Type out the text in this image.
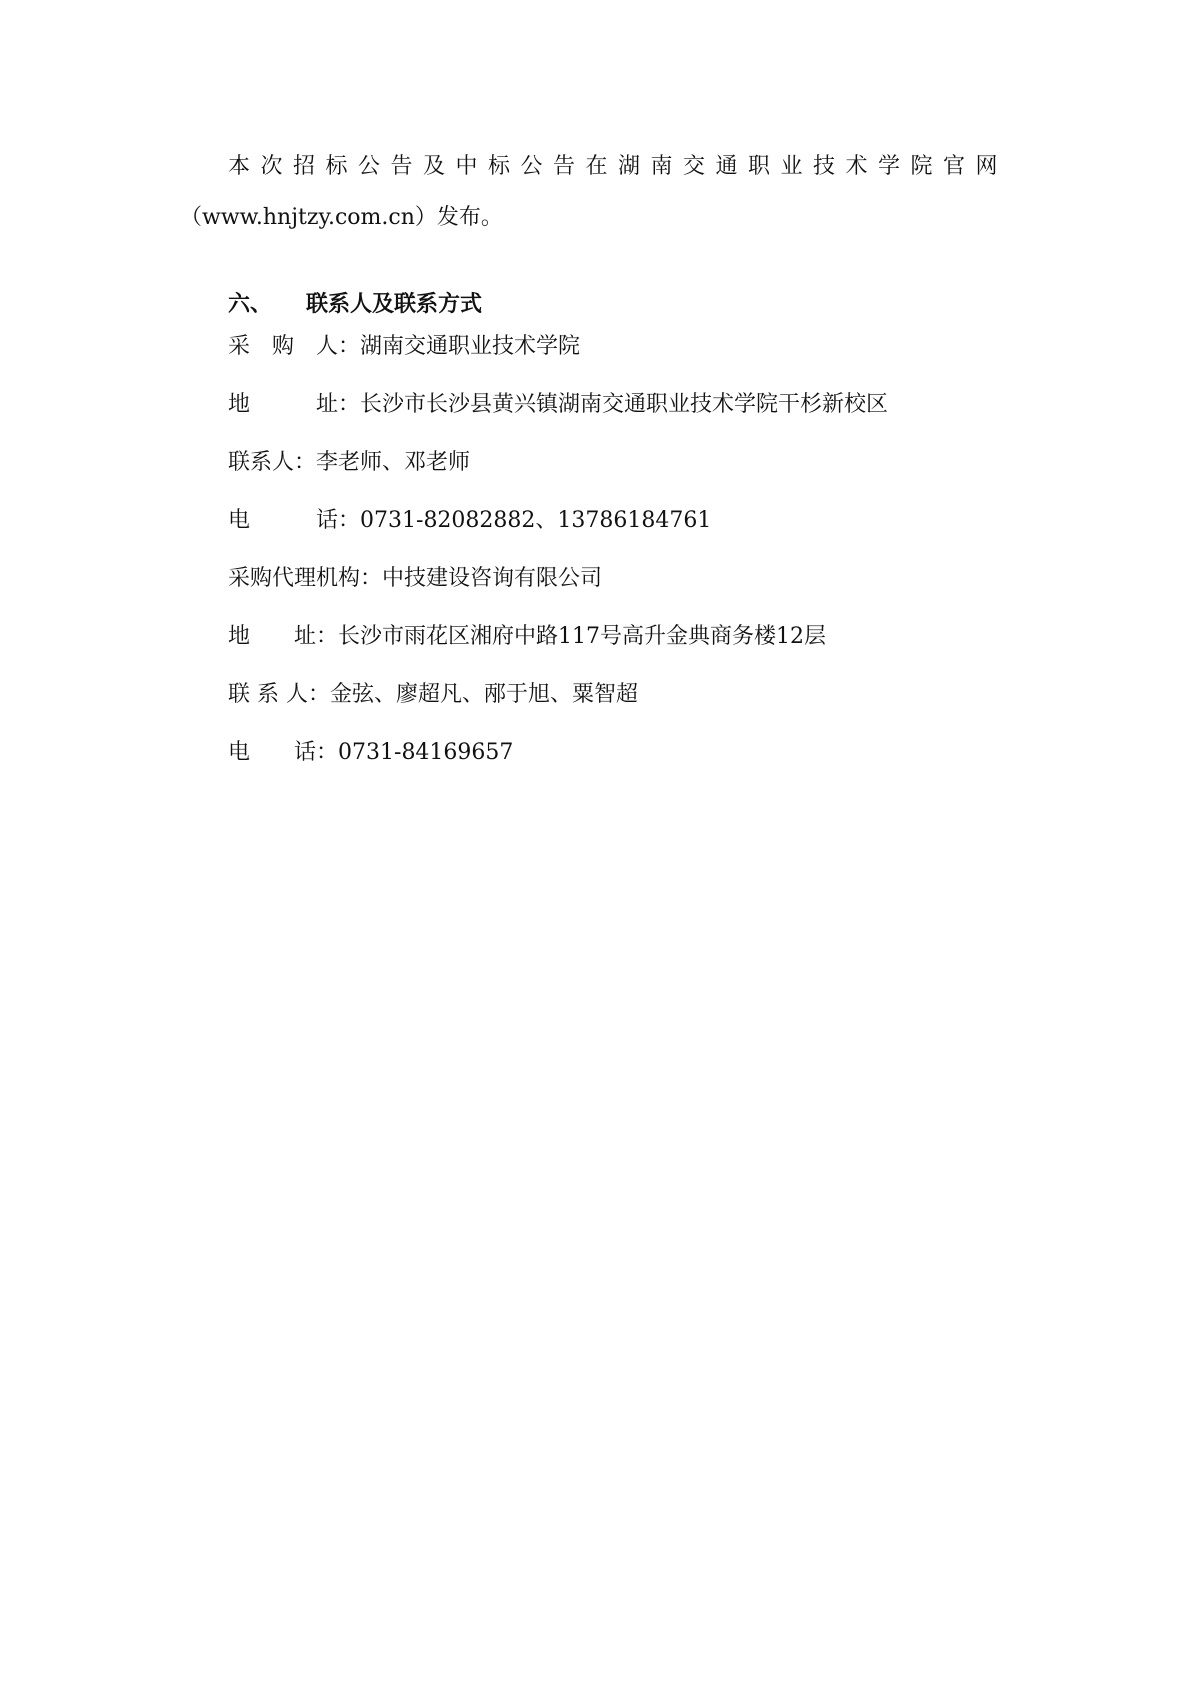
本次招标公告及中标公告在湖南交通职业技术学院官网
（www.hnjtzy.com.cn）发布。
六、 联系人及联系方式
采　购　人：湖南交通职业技术学院
地　　　址：长沙市长沙县黄兴镇湖南交通职业技术学院干杉新校区
联系人：李老师、邓老师
电　　　话：0731-82082882、13786184761
采购代理机构：中技建设咨询有限公司
地　　址：长沙市雨花区湘府中路117号高升金典商务楼12层
联 系 人：金弦、廖超凡、邴于旭、粟智超
电　　话：0731-84169657
